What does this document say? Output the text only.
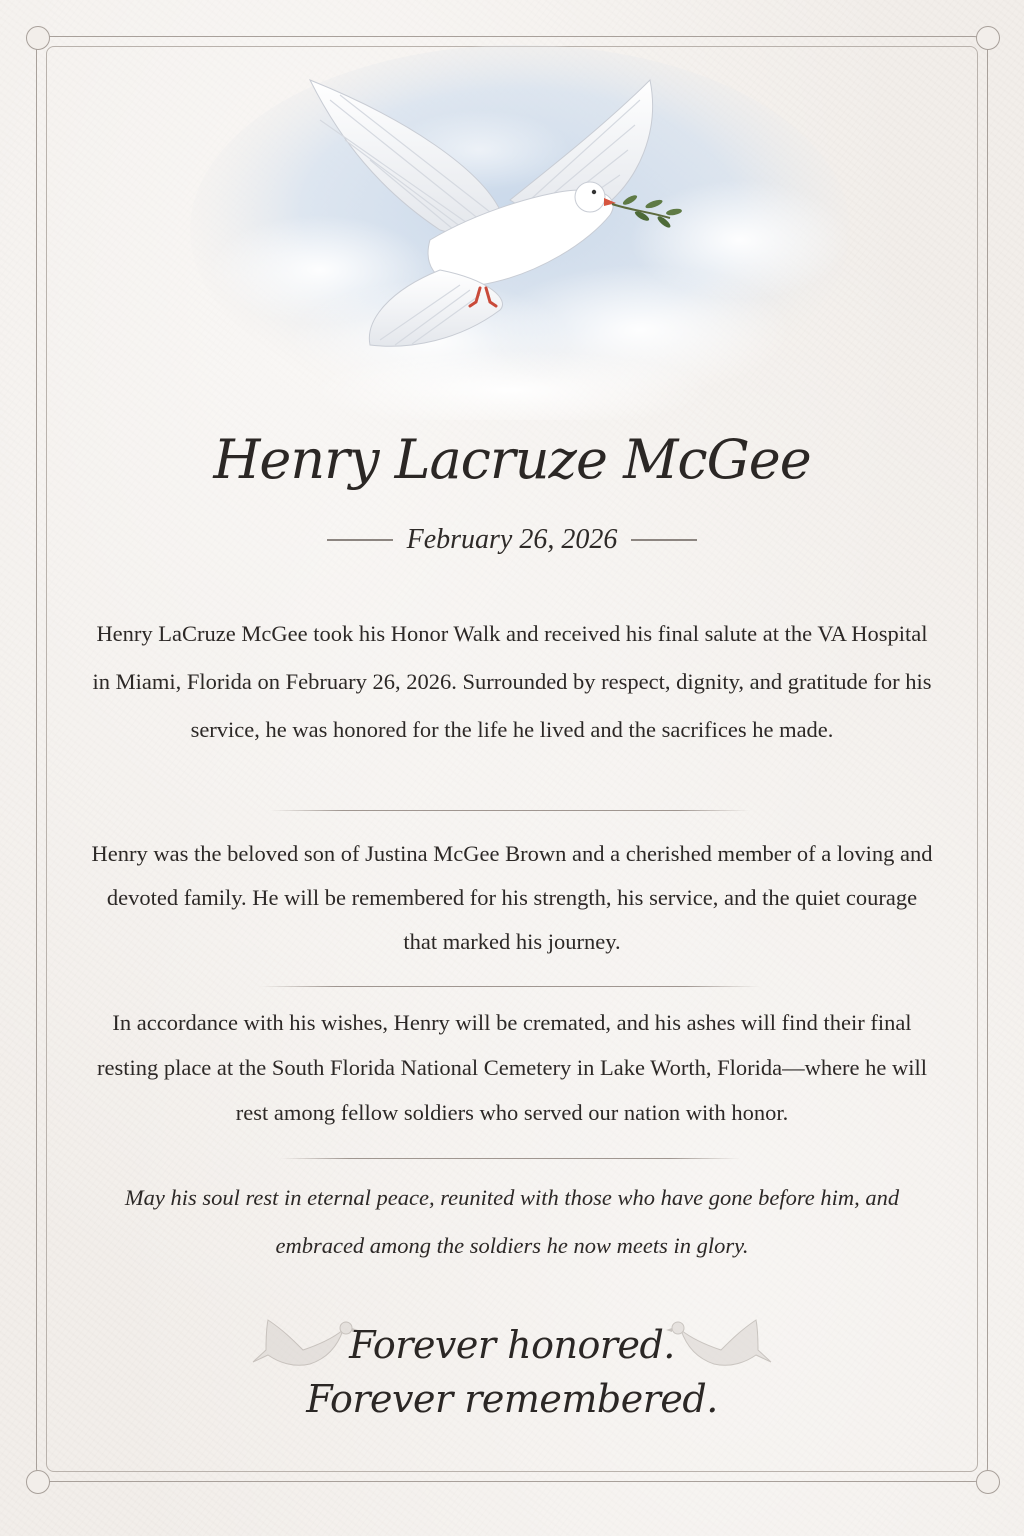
Henry Lacruze McGee
February 26, 2026
Henry LaCruze McGee took his Honor Walk and received his final salute at the VA Hospital in Miami, Florida on February 26, 2026. Surrounded by respect, dignity, and gratitude for his service, he was honored for the life he lived and the sacrifices he made.
Henry was the beloved son of Justina McGee Brown and a cherished member of a loving and devoted family. He will be remembered for his strength, his service, and the quiet courage that marked his journey.
In accordance with his wishes, Henry will be cremated, and his ashes will find their final resting place at the South Florida National Cemetery in Lake Worth, Florida—where he will rest among fellow soldiers who served our nation with honor.
May his soul rest in eternal peace, reunited with those who have gone before him, and embraced among the soldiers he now meets in glory.
Forever honored.
Forever remembered.
